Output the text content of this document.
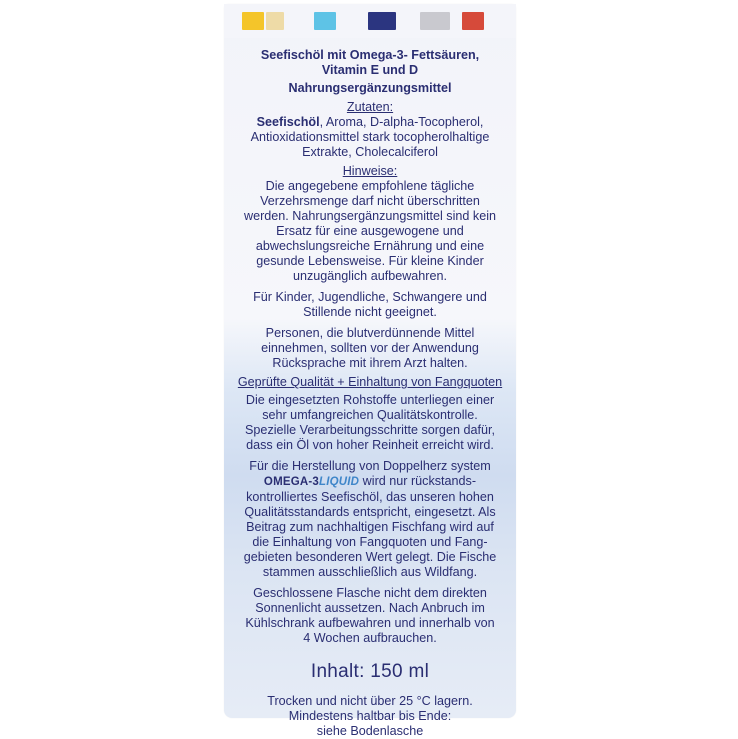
Seefischöl mit Omega-3- Fettsäuren,
Vitamin E und D
Nahrungsergänzungsmittel
Zutaten:
Seefischöl, Aroma, D-alpha-Tocopherol,
Antioxidationsmittel stark tocopherolhaltige
Extrakte, Cholecalciferol
Hinweise:
Die angegebene empfohlene tägliche
Verzehrsmenge darf nicht überschritten
werden. Nahrungsergänzungsmittel sind kein
Ersatz für eine ausgewogene und
abwechslungsreiche Ernährung und eine
gesunde Lebensweise. Für kleine Kinder
unzugänglich aufbewahren.
Für Kinder, Jugendliche, Schwangere und
Stillende nicht geeignet.
Personen, die blutverdünnende Mittel
einnehmen, sollten vor der Anwendung
Rücksprache mit ihrem Arzt halten.
Geprüfte Qualität + Einhaltung von Fangquoten
Die eingesetzten Rohstoffe unterliegen einer
sehr umfangreichen Qualitätskontrolle.
Spezielle Verarbeitungsschritte sorgen dafür,
dass ein Öl von hoher Reinheit erreicht wird.
Für die Herstellung von Doppelherz system
OMEGA-3LIQUID wird nur rückstands-
kontrolliertes Seefischöl, das unseren hohen
Qualitätsstandards entspricht, eingesetzt. Als
Beitrag zum nachhaltigen Fischfang wird auf
die Einhaltung von Fangquoten und Fang-
gebieten besonderen Wert gelegt. Die Fische
stammen ausschließlich aus Wildfang.
Geschlossene Flasche nicht dem direkten
Sonnenlicht aussetzen. Nach Anbruch im
Kühlschrank aufbewahren und innerhalb von
4 Wochen aufbrauchen.
Inhalt: 150 ml
Trocken und nicht über 25 °C lagern.
Mindestens haltbar bis Ende:
siehe Bodenlasche
